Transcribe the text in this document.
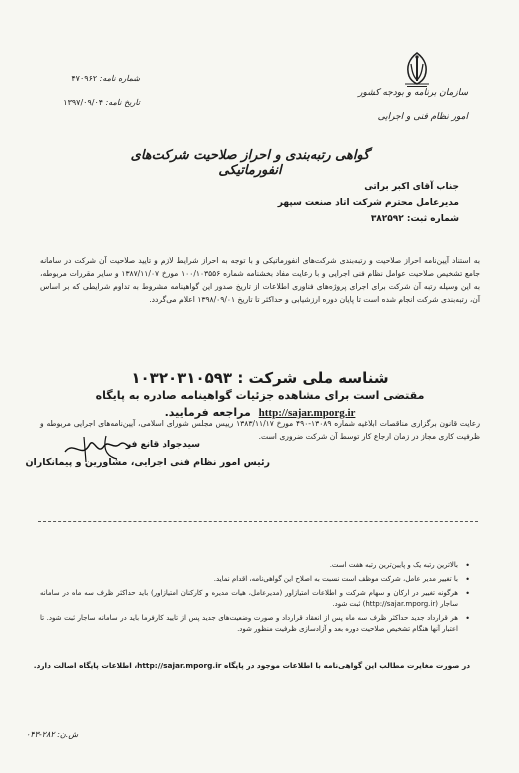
سازمان برنامه و بودجه کشور
امور نظام فنی و اجرایی
شماره نامه: ۴۷۰۹۶۲
تاریخ نامه: ۱۳۹۷/۰۹/۰۴
گواهی رتبه‌بندی و احراز صلاحیت شرکت‌های انفورماتیکی
جناب آقای اکبر براتی
مدیرعامل محترم شرکت اتاد صنعت سپهر
شماره ثبت: ۳۸۲۵۹۲
به استناد آیین‌نامه احراز صلاحیت و رتبه‌بندی شرکت‌های انفورماتیکی و با توجه به احراز شرایط لازم و تایید صلاحیت آن شرکت در سامانه جامع تشخیص صلاحیت عوامل نظام فنی اجرایی و با رعایت مفاد بخشنامه شماره ۱۰۰/۱۰۳۵۵۶ مورخ ۱۳۸۷/۱۱/۰۷ و سایر مقررات مربوطه، به این وسیله رتبه آن شرکت برای اجرای پروژه‌های فناوری اطلاعات از تاریخ صدور این گواهینامه مشروط به تداوم شرایطی که بر اساس آن، رتبه‌بندی شرکت انجام شده است تا پایان دوره ارزشیابی و حداکثر تا تاریخ ۱۳۹۸/۰۹/۰۱ اعلام می‌گردد.
شناسه ملی شرکت : ۱۰۳۲۰۳۱۰۵۹۳
مقتضی است برای مشاهده جزئیات گواهینامه صادره به پایگاه
http://sajar.mporg.ir مراجعه فرمایید.
رعایت قانون برگزاری مناقصات ابلاغیه شماره ۱۳۰۸۹-۴۹۰ مورخ ۱۳۸۳/۱۱/۱۷ رییس مجلس شورای اسلامی، آیین‌نامه‌های اجرایی مربوطه و ظرفیت کاری مجاز در زمان ارجاع کار توسط آن شرکت ضروری است.
سیدجواد قانع فر
رئیس امور نظام فنی اجرایی، مشاورین و پیمانکاران
•
بالاترین رتبه یک و پایین‌ترین رتبه هفت است.
•
با تغییر مدیر عامل، شرکت موظف است نسبت به اصلاح این گواهی‌نامه، اقدام نماید.
•
هرگونه تغییر در ارکان و سهام شرکت و اطلاعات امتیازاور (مدیرعامل، هیات مدیره و کارکنان امتیازاور) باید حداکثر ظرف سه ماه در سامانه ساجار (http://sajar.mporg.ir) ثبت شود.
•
هر قرارداد جدید حداکثر ظرف سه ماه پس از انعقاد قرارداد و صورت وضعیت‌های جدید پس از تایید کارفرما باید در سامانه ساجار ثبت شود. تا اعتبار آنها هنگام تشخیص صلاحیت دوره بعد و آزادسازی ظرفیت منظور شود.
در صورت مغایرت مطالب این گواهی‌نامه با اطلاعات موجود در پایگاه http://sajar.mporg.ir، اطلاعات پایگاه اصالت دارد.
ش.ن: ۲۸۲-۰۴۳
